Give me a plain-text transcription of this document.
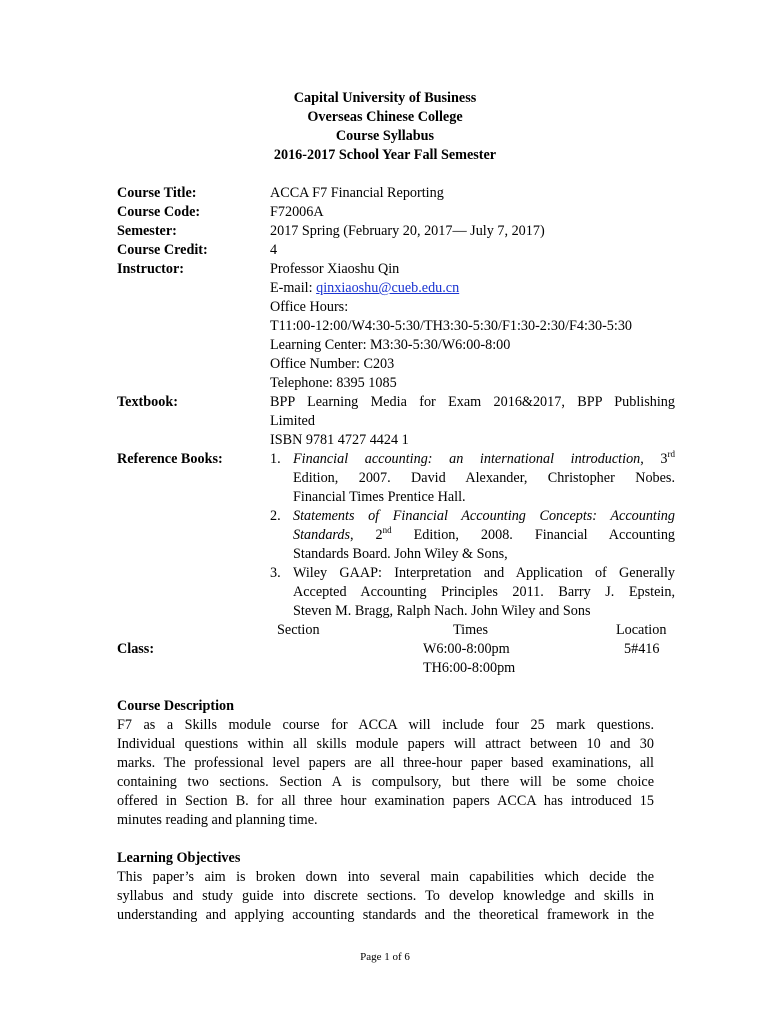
Capital University of Business
Overseas Chinese College
Course Syllabus
2016-2017 School Year Fall Semester
Course Title:	ACCA F7 Financial Reporting
Course Code:	F72006A
Semester:	2017 Spring (February 20, 2017— July 7, 2017)
Course Credit:	4
Instructor:	Professor Xiaoshu Qin
E-mail: qinxiaoshu@cueb.edu.cn
Office Hours:
T11:00-12:00/W4:30-5:30/TH3:30-5:30/F1:30-2:30/F4:30-5:30
Learning Center: M3:30-5:30/W6:00-8:00
Office Number: C203
Telephone: 8395 1085
Textbook:	BPP Learning Media for Exam 2016&2017, BPP Publishing
Limited
ISBN 9781 4727 4424 1
Reference Books:	1. Financial accounting: an international introduction, 3rd
Edition, 2007. David Alexander, Christopher Nobes.
Financial Times Prentice Hall.
2. Statements of Financial Accounting Concepts: Accounting
Standards, 2nd Edition, 2008. Financial Accounting
Standards Board. John Wiley & Sons,
3. Wiley GAAP: Interpretation and Application of Generally
Accepted Accounting Principles 2011. Barry J. Epstein,
Steven M. Bragg, Ralph Nach. John Wiley and Sons
Section	Times	Location
Class:	W6:00-8:00pm	5#416
TH6:00-8:00pm
Course Description
F7 as a Skills module course for ACCA will include four 25 mark questions.
Individual questions within all skills module papers will attract between 10 and 30
marks. The professional level papers are all three-hour paper based examinations, all
containing two sections. Section A is compulsory, but there will be some choice
offered in Section B. for all three hour examination papers ACCA has introduced 15
minutes reading and planning time.
Learning Objectives
This paper’s aim is broken down into several main capabilities which decide the
syllabus and study guide into discrete sections. To develop knowledge and skills in
understanding and applying accounting standards and the theoretical framework in the
Page 1 of 6
